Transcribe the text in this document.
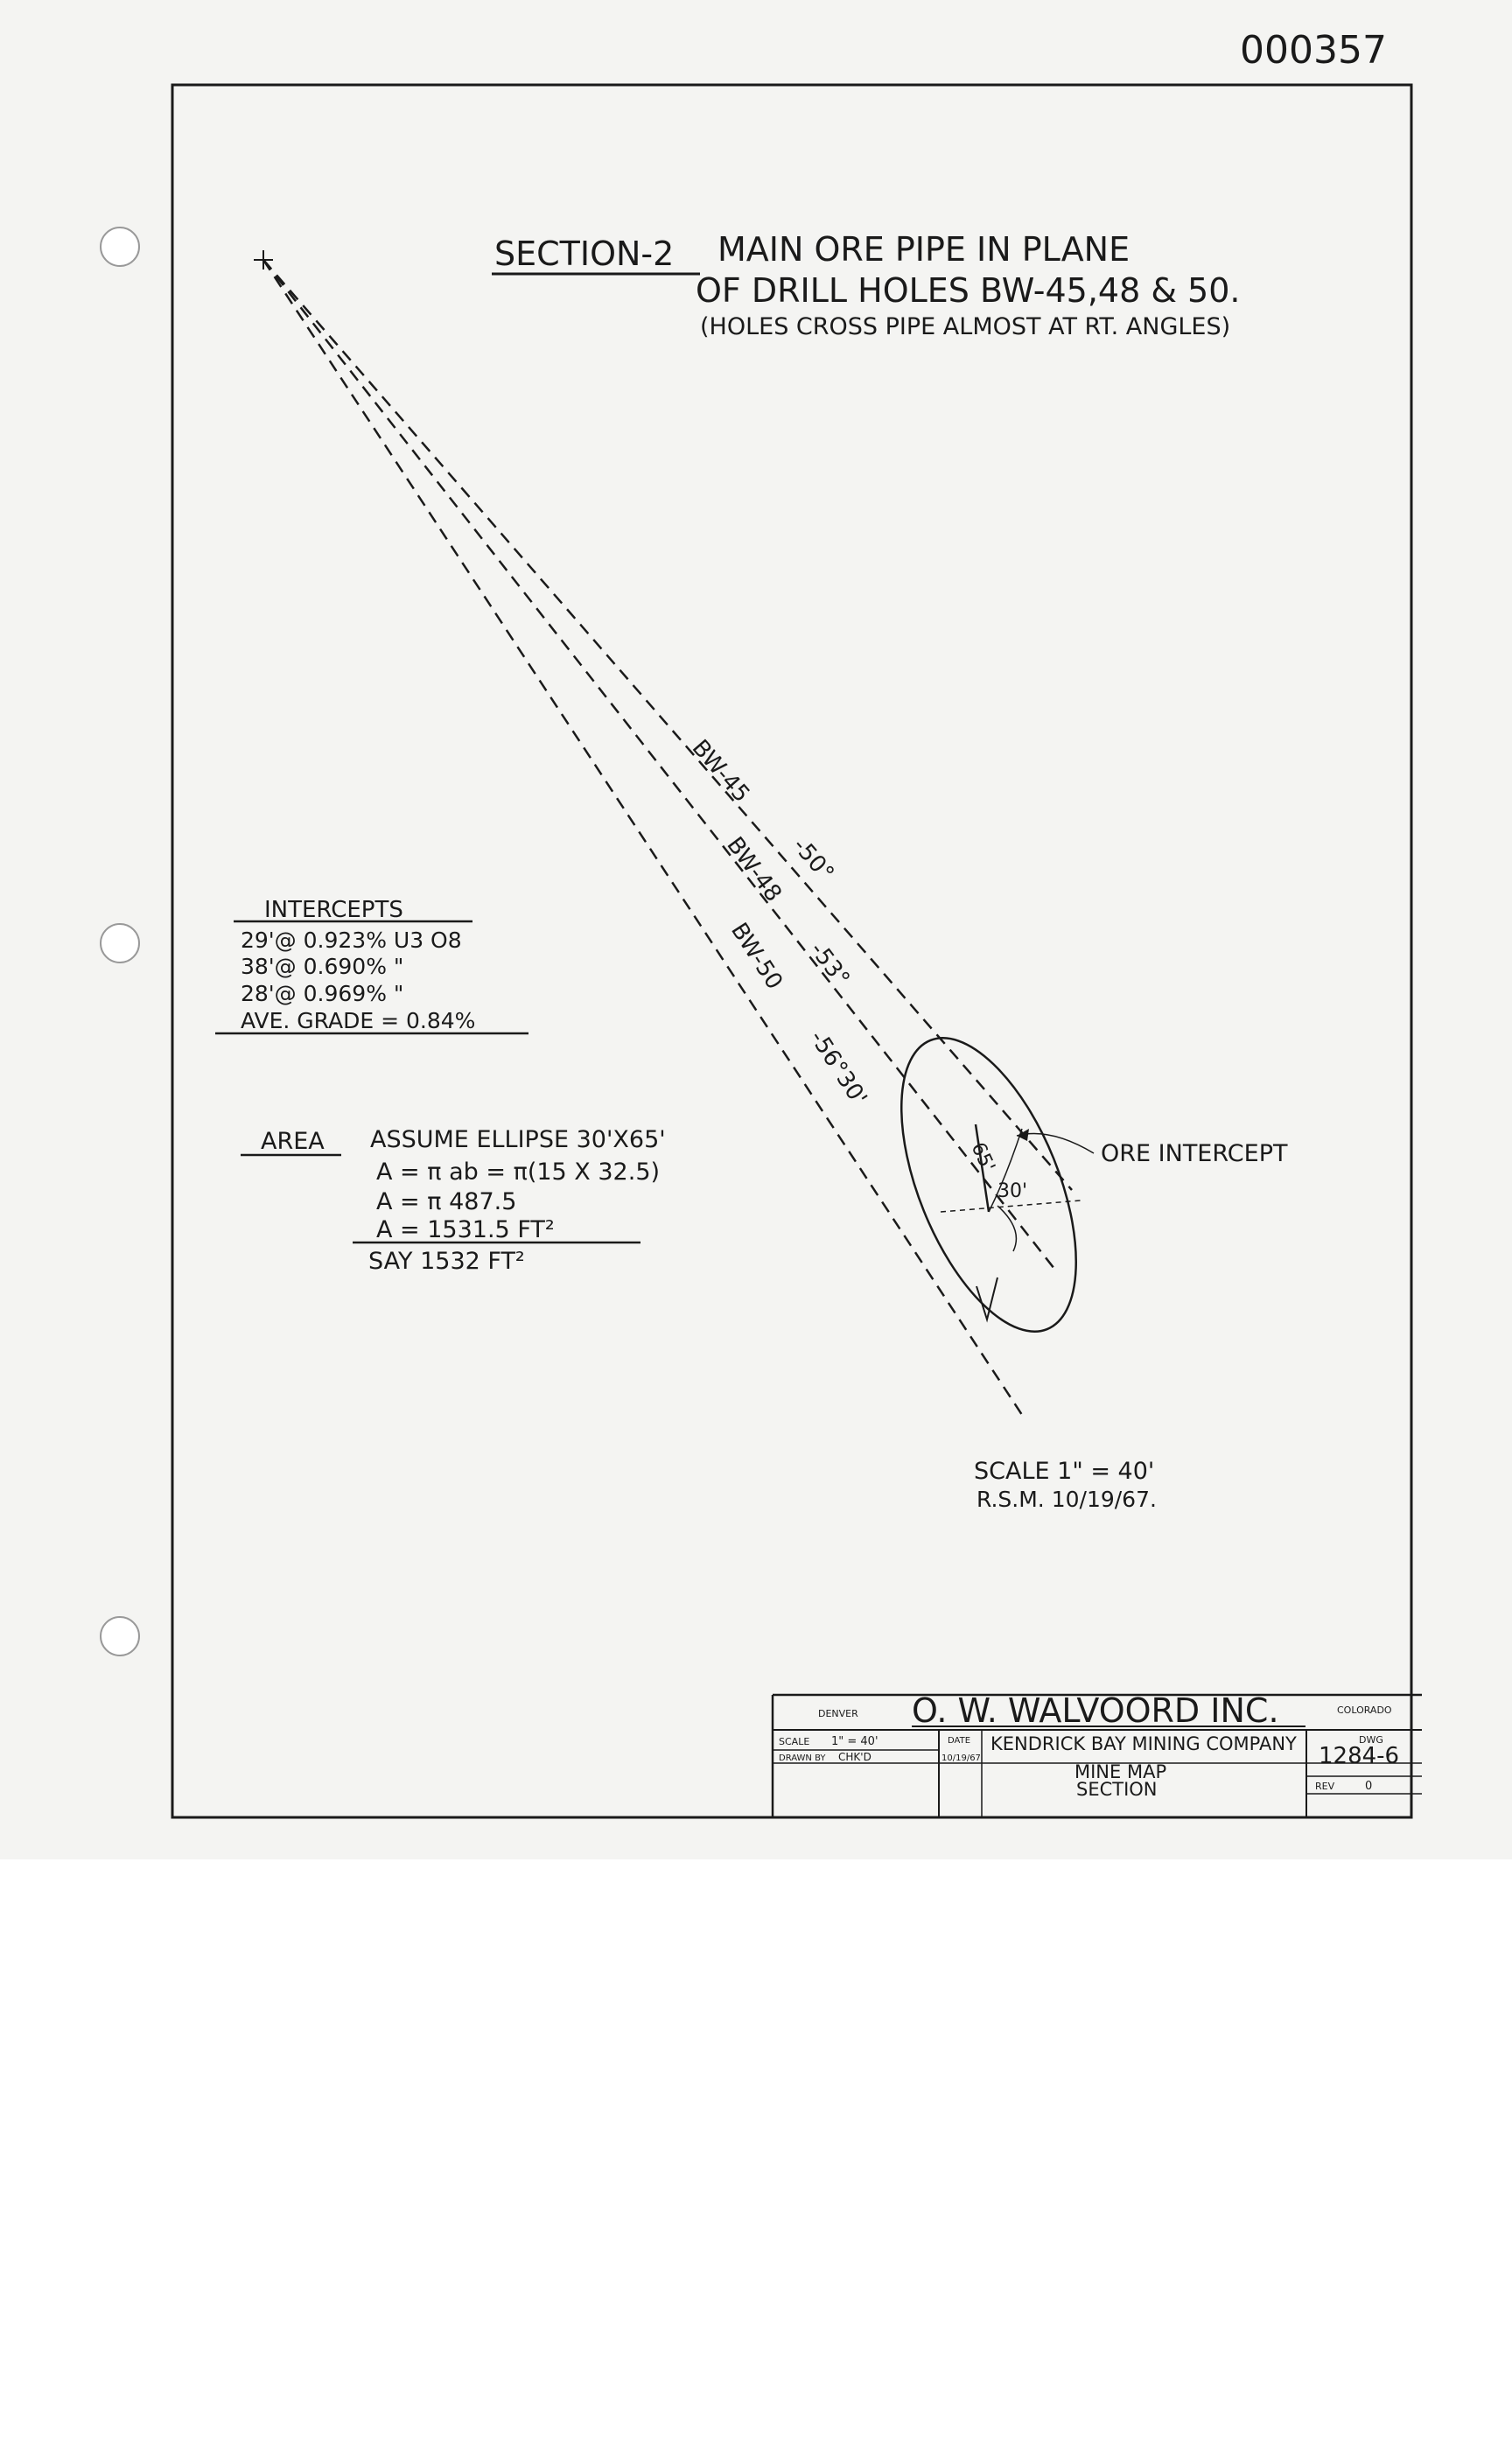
000357
SECTION-2 MAIN ORE PIPE IN PLANE
OF DRILL HOLES BW-45,48 & 50.
(HOLES CROSS PIPE ALMOST AT RT. ANGLES)
BW-45
-50°
BW-48
-53°
BW-50
-56°30'
65'
30'
ORE INTERCEPT
INTERCEPTS
29'@ 0.923% U3 O8
38'@ 0.690% "
28'@ 0.969% "
AVE. GRADE = 0.84%
AREA ASSUME ELLIPSE 30'X65'
A = π ab = π(15 X 32.5)
A = π 487.5
A = 1531.5 FT²
SAY 1532 FT²
SCALE 1" = 40'
R.S.M. 10/19/67.
DENVER	COLORADO
O. W. WALVOORD INC.
SCALE 1" = 40'
DRAWN BY CHK'D
DATE
10/19/67
KENDRICK BAY MINING COMPANY
MINE MAP
SECTION
DWG
1284-6
REV	0
